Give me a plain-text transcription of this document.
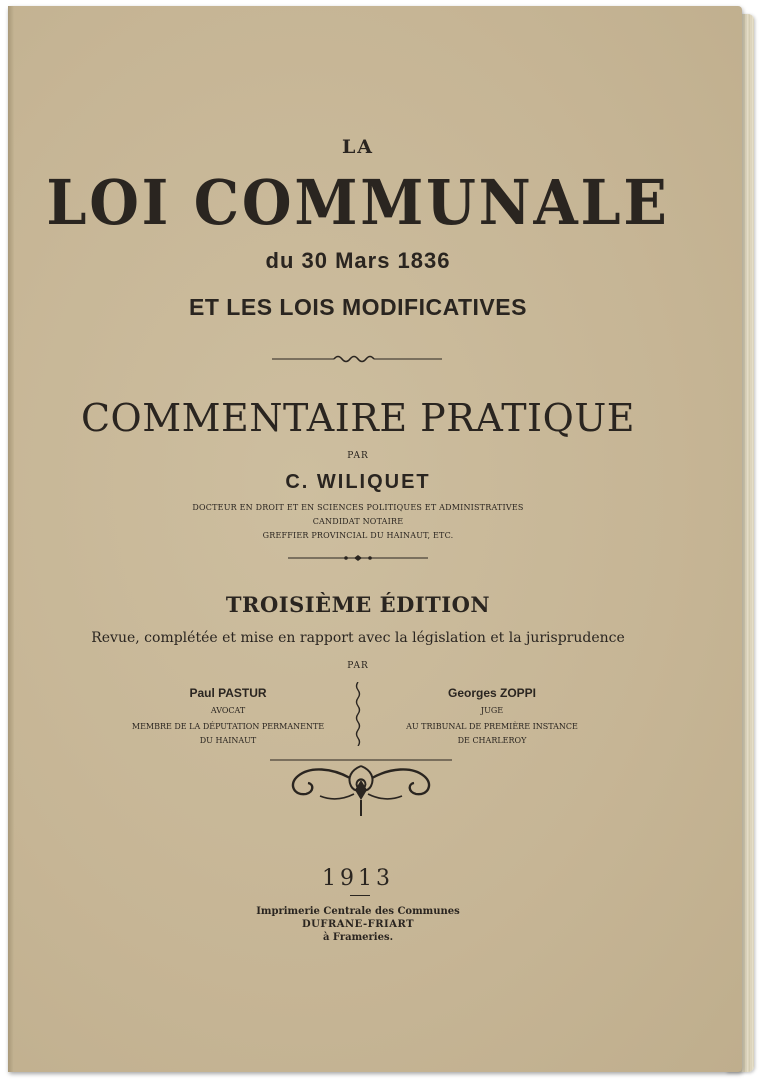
LA
LOI COMMUNALE
du 30 Mars 1836
ET LES LOIS MODIFICATIVES
COMMENTAIRE PRATIQUE
PAR
C. WILIQUET
DOCTEUR EN DROIT ET EN SCIENCES POLITIQUES ET ADMINISTRATIVES
CANDIDAT NOTAIRE
GREFFIER PROVINCIAL DU HAINAUT, ETC.
TROISIÈME ÉDITION
Revue, complétée et mise en rapport avec la législation et la jurisprudence
PAR
Paul PASTUR
AVOCAT
MEMBRE DE LA DÉPUTATION PERMANENTE
DU HAINAUT
Georges ZOPPI
JUGE
AU TRIBUNAL DE PREMIÈRE INSTANCE
DE CHARLEROY
1913
Imprimerie Centrale des Communes
DUFRANE-FRIART
à Frameries.
